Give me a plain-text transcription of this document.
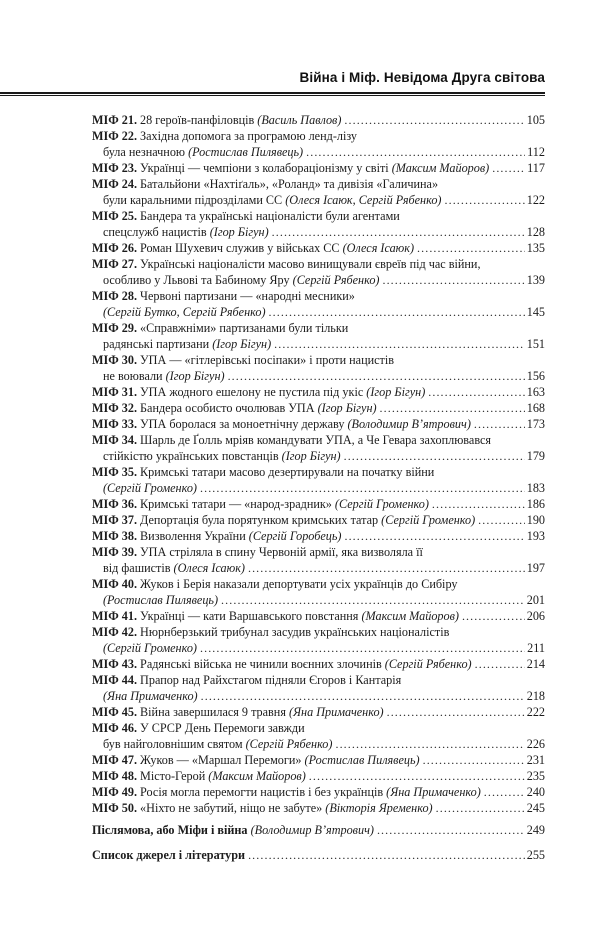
Війна і Міф. Невідома Друга світова
МІФ 21. 28 героїв-панфіловців (Василь Павлов) .....	105
МІФ 22. Західна допомога за програмою ленд-лізу
була незначною (Ростислав Пилявець) .....	112
МІФ 23. Українці — чемпіони з колабораціонізму у світі (Максим Майоров) .....	117
МІФ 24. Батальйони «Нахтіґаль», «Роланд» та дивізія «Галичина»
були каральними підрозділами СС (Олеся Ісаюк, Сергій Рябенко) .....	122
МІФ 25. Бандера та українські націоналісти були агентами
спецслужб нацистів (Ігор Бігун) .....	128
МІФ 26. Роман Шухевич служив у військах СС (Олеся Ісаюк) .....	135
МІФ 27. Українські націоналісти масово винищували євреїв під час війни,
особливо у Львові та Бабиному Яру (Сергій Рябенко) .....	139
МІФ 28. Червоні партизани — «народні месники»
(Сергій Бутко, Сергій Рябенко) .....	145
МІФ 29. «Справжніми» партизанами були тільки
радянські партизани (Ігор Бігун) .....	151
МІФ 30. УПА — «гітлерівські посіпаки» і проти нацистів
не воювали (Ігор Бігун) .....	156
МІФ 31. УПА жодного ешелону не пустила під укіс (Ігор Бігун) .....	163
МІФ 32. Бандера особисто очолював УПА (Ігор Бігун) .....	168
МІФ 33. УПА боролася за моноетнічну державу (Володимир В’ятрович) .....	173
МІФ 34. Шарль де Ґолль мріяв командувати УПА, а Че Гевара захоплювався
стійкістю українських повстанців (Ігор Бігун) .....	179
МІФ 35. Кримські татари масово дезертирували на початку війни
(Сергій Громенко) .....	183
МІФ 36. Кримські татари — «народ-зрадник» (Сергій Громенко) .....	186
МІФ 37. Депортація була порятунком кримських татар (Сергій Громенко) .....	190
МІФ 38. Визволення України (Сергій Горобець) .....	193
МІФ 39. УПА стріляла в спину Червоній армії, яка визволяла її
від фашистів (Олеся Ісаюк) .....	197
МІФ 40. Жуков і Берія наказали депортувати усіх українців до Сибіру
(Ростислав Пилявець) .....	201
МІФ 41. Українці — кати Варшавського повстання (Максим Майоров) .....	206
МІФ 42. Нюрнберзький трибунал засудив українських націоналістів
(Сергій Громенко) .....	211
МІФ 43. Радянські війська не чинили воєнних злочинів (Сергій Рябенко) .....	214
МІФ 44. Прапор над Райхстагом підняли Єгоров і Кантарія
(Яна Примаченко) .....	218
МІФ 45. Війна завершилася 9 травня (Яна Примаченко) .....	222
МІФ 46. У СРСР День Перемоги завжди
був найголовнішим святом (Сергій Рябенко) .....	226
МІФ 47. Жуков — «Маршал Перемоги» (Ростислав Пилявець) .....	231
МІФ 48. Місто-Герой (Максим Майоров) .....	235
МІФ 49. Росія могла перемогти нацистів і без українців (Яна Примаченко) .....	240
МІФ 50. «Ніхто не забутий, ніщо не забуте» (Вікторія Яременко) .....	245
Післямова, або Міфи і війна (Володимир В’ятрович) .....	249
Список джерел і літератури .....	255
